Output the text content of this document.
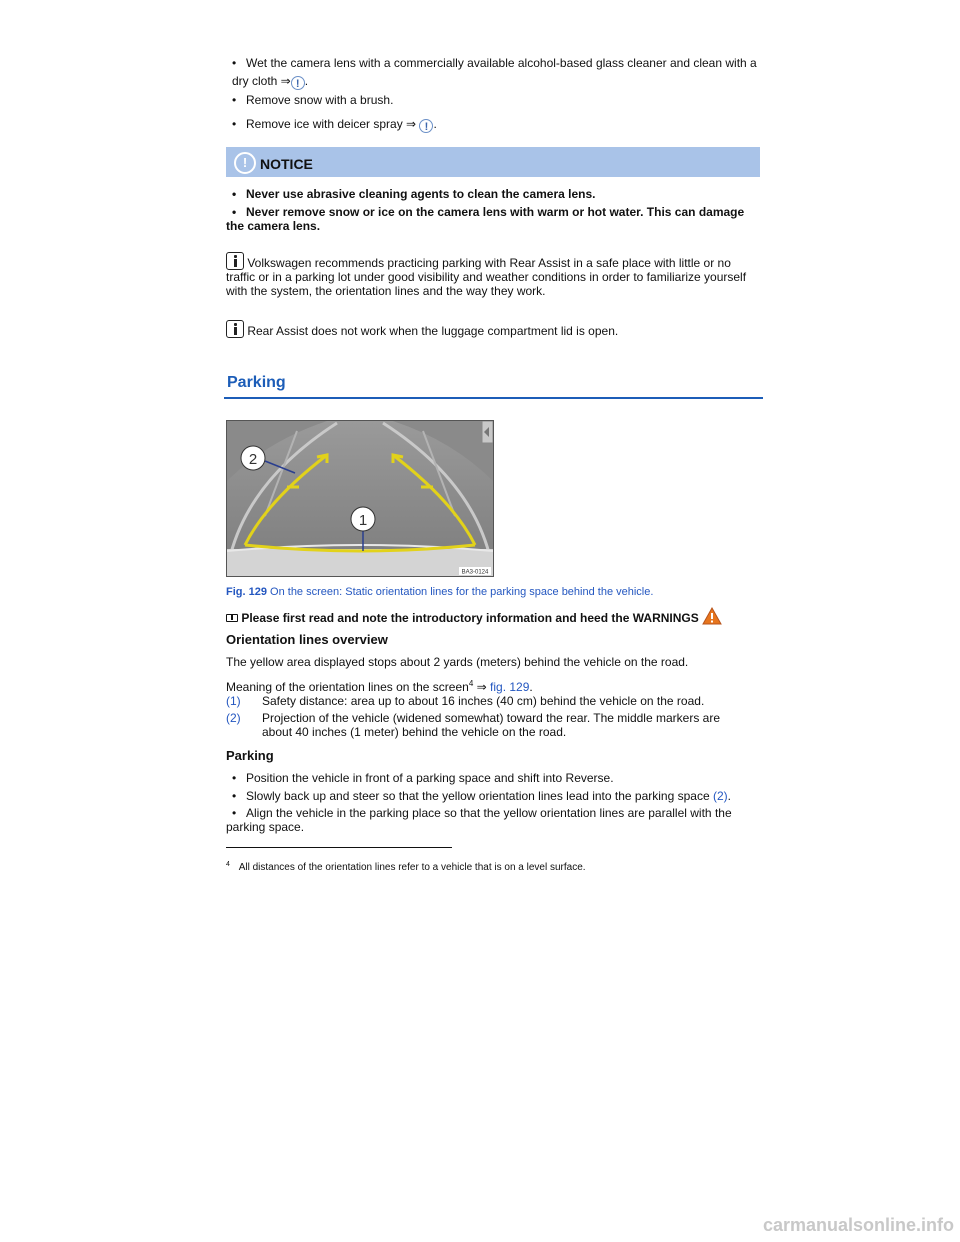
• Wet the camera lens with a commercially available alcohol-based glass cleaner and clean with a
dry cloth ⇒ ! .
• Remove snow with a brush.
• Remove ice with deicer spray ⇒ ! .
! NOTICE
• Never use abrasive cleaning agents to clean the camera lens.
• Never remove snow or ice on the camera lens with warm or hot water. This can damage the camera lens.
Volkswagen recommends practicing parking with Rear Assist in a safe place with little or no traffic or in a parking lot under good visibility and weather conditions in order to familiarize yourself with the system, the orientation lines and the way they work.
Rear Assist does not work when the luggage compartment lid is open.
Parking
2
1
BA3-0124
Fig. 129 On the screen: Static orientation lines for the parking space behind the vehicle.
Please first read and note the introductory information and heed the WARNINGS
Orientation lines overview
The yellow area displayed stops about 2 yards (meters) behind the vehicle on the road.
Meaning of the orientation lines on the screen$^4$ ⇒ fig. 129.
(1) Safety distance: area up to about 16 inches (40 cm) behind the vehicle on the road.
(2) Projection of the vehicle (widened somewhat) toward the rear. The middle markers are about 40 inches (1 meter) behind the vehicle on the road.
Parking
• Position the vehicle in front of a parking space and shift into Reverse.
• Slowly back up and steer so that the yellow orientation lines lead into the parking space (2).
• Align the vehicle in the parking place so that the yellow orientation lines are parallel with the parking space.
$^4$ All distances of the orientation lines refer to a vehicle that is on a level surface.
carmanualsonline.info
